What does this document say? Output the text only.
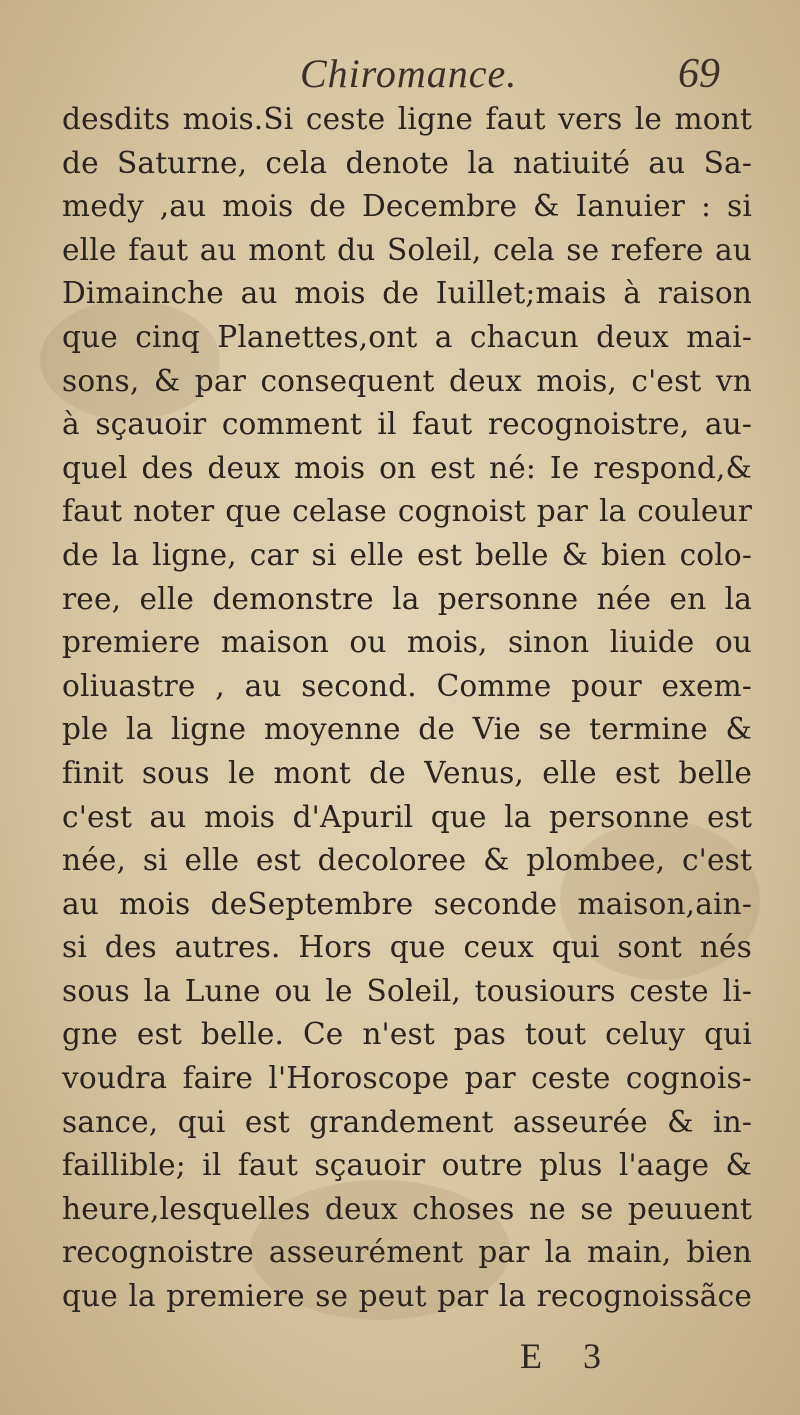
Chiromance.	69
desdits mois.Si ceste ligne faut vers le mont
de Saturne, cela denote la natiuité au Sa-
medy ,au mois de Decembre & Ianuier : si
elle faut au mont du Soleil, cela se refere au
Dimainche au mois de Iuillet;mais à raison
que cinq Planettes,ont a chacun deux mai-
sons, & par consequent deux mois, c'est vn
à sçauoir comment il faut recognoistre, au-
quel des deux mois on est né: Ie respond,&
faut noter que celase cognoist par la couleur
de la ligne, car si elle est belle & bien colo-
ree, elle demonstre la personne née en la
premiere maison ou mois, sinon liuide ou
oliuastre , au second. Comme pour exem-
ple la ligne moyenne de Vie se termine &
finit sous le mont de Venus, elle est belle
c'est au mois d'Apuril que la personne est
née, si elle est decoloree & plombee, c'est
au mois deSeptembre seconde maison,ain-
si des autres. Hors que ceux qui sont nés
sous la Lune ou le Soleil, tousiours ceste li-
gne est belle. Ce n'est pas tout celuy qui
voudra faire l'Horoscope par ceste cognois-
sance, qui est grandement asseurée & in-
faillible; il faut sçauoir outre plus l'aage &
heure,lesquelles deux choses ne se peuuent
recognoistre asseurément par la main, bien
que la premiere se peut par la recognoissãce
E 3
